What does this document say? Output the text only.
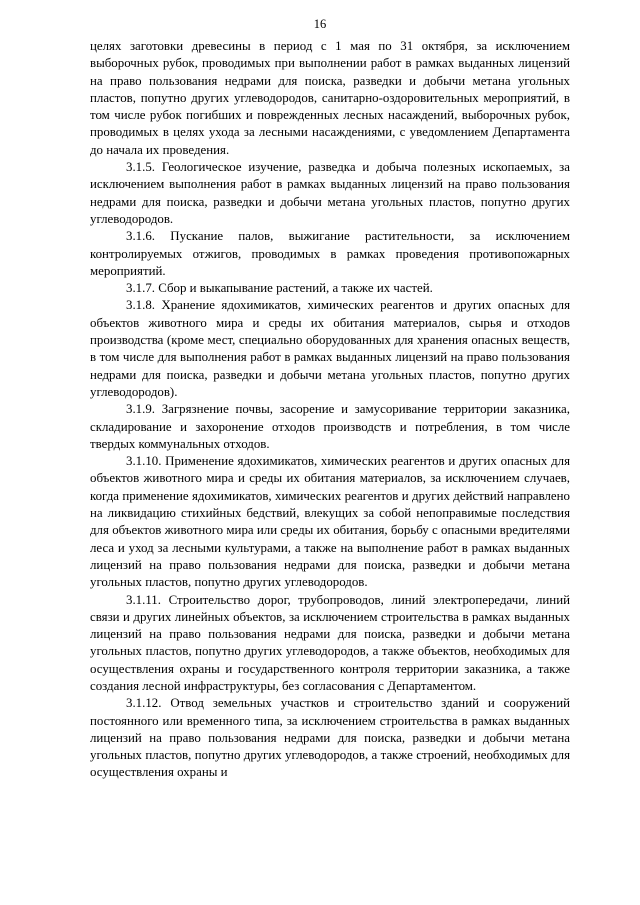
16

целях заготовки древесины в период с 1 мая по 31 октября, за исключением выборочных рубок, проводимых при выполнении работ в рамках выданных лицензий на право пользования недрами для поиска, разведки и добычи метана угольных пластов, попутно других углеводородов, санитарно-оздоровительных мероприятий, в том числе рубок погибших и поврежденных лесных насаждений, выборочных рубок, проводимых в целях ухода за лесными насаждениями, с уведомлением Департамента до начала их проведения.

3.1.5. Геологическое изучение, разведка и добыча полезных ископаемых, за исключением выполнения работ в рамках выданных лицензий на право пользования недрами для поиска, разведки и добычи метана угольных пластов, попутно других углеводородов.

3.1.6. Пускание палов, выжигание растительности, за исключением контролируемых отжигов, проводимых в рамках проведения противопожарных мероприятий.

3.1.7. Сбор и выкапывание растений, а также их частей.

3.1.8. Хранение ядохимикатов, химических реагентов и других опасных для объектов животного мира и среды их обитания материалов, сырья и отходов производства (кроме мест, специально оборудованных для хранения опасных веществ, в том числе для выполнения работ в рамках выданных лицензий на право пользования недрами для поиска, разведки и добычи метана угольных пластов, попутно других углеводородов).

3.1.9. Загрязнение почвы, засорение и замусоривание территории заказника, складирование и захоронение отходов производств и потребления, в том числе твердых коммунальных отходов.

3.1.10. Применение ядохимикатов, химических реагентов и других опасных для объектов животного мира и среды их обитания материалов, за исключением случаев, когда применение ядохимикатов, химических реагентов и других действий направлено на ликвидацию стихийных бедствий, влекущих за собой непоправимые последствия для объектов животного мира или среды их обитания, борьбу с опасными вредителями леса и уход за лесными культурами, а также на выполнение работ в рамках выданных лицензий на право пользования недрами для поиска, разведки и добычи метана угольных пластов, попутно других углеводородов.

3.1.11. Строительство дорог, трубопроводов, линий электропередачи, линий связи и других линейных объектов, за исключением строительства в рамках выданных лицензий на право пользования недрами для поиска, разведки и добычи метана угольных пластов, попутно других углеводородов, а также объектов, необходимых для осуществления охраны и государственного контроля территории заказника, а также создания лесной инфраструктуры, без согласования с Департаментом.

3.1.12. Отвод земельных участков и строительство зданий и сооружений постоянного или временного типа, за исключением строительства в рамках выданных лицензий на право пользования недрами для поиска, разведки и добычи метана угольных пластов, попутно других углеводородов, а также строений, необходимых для осуществления охраны и
